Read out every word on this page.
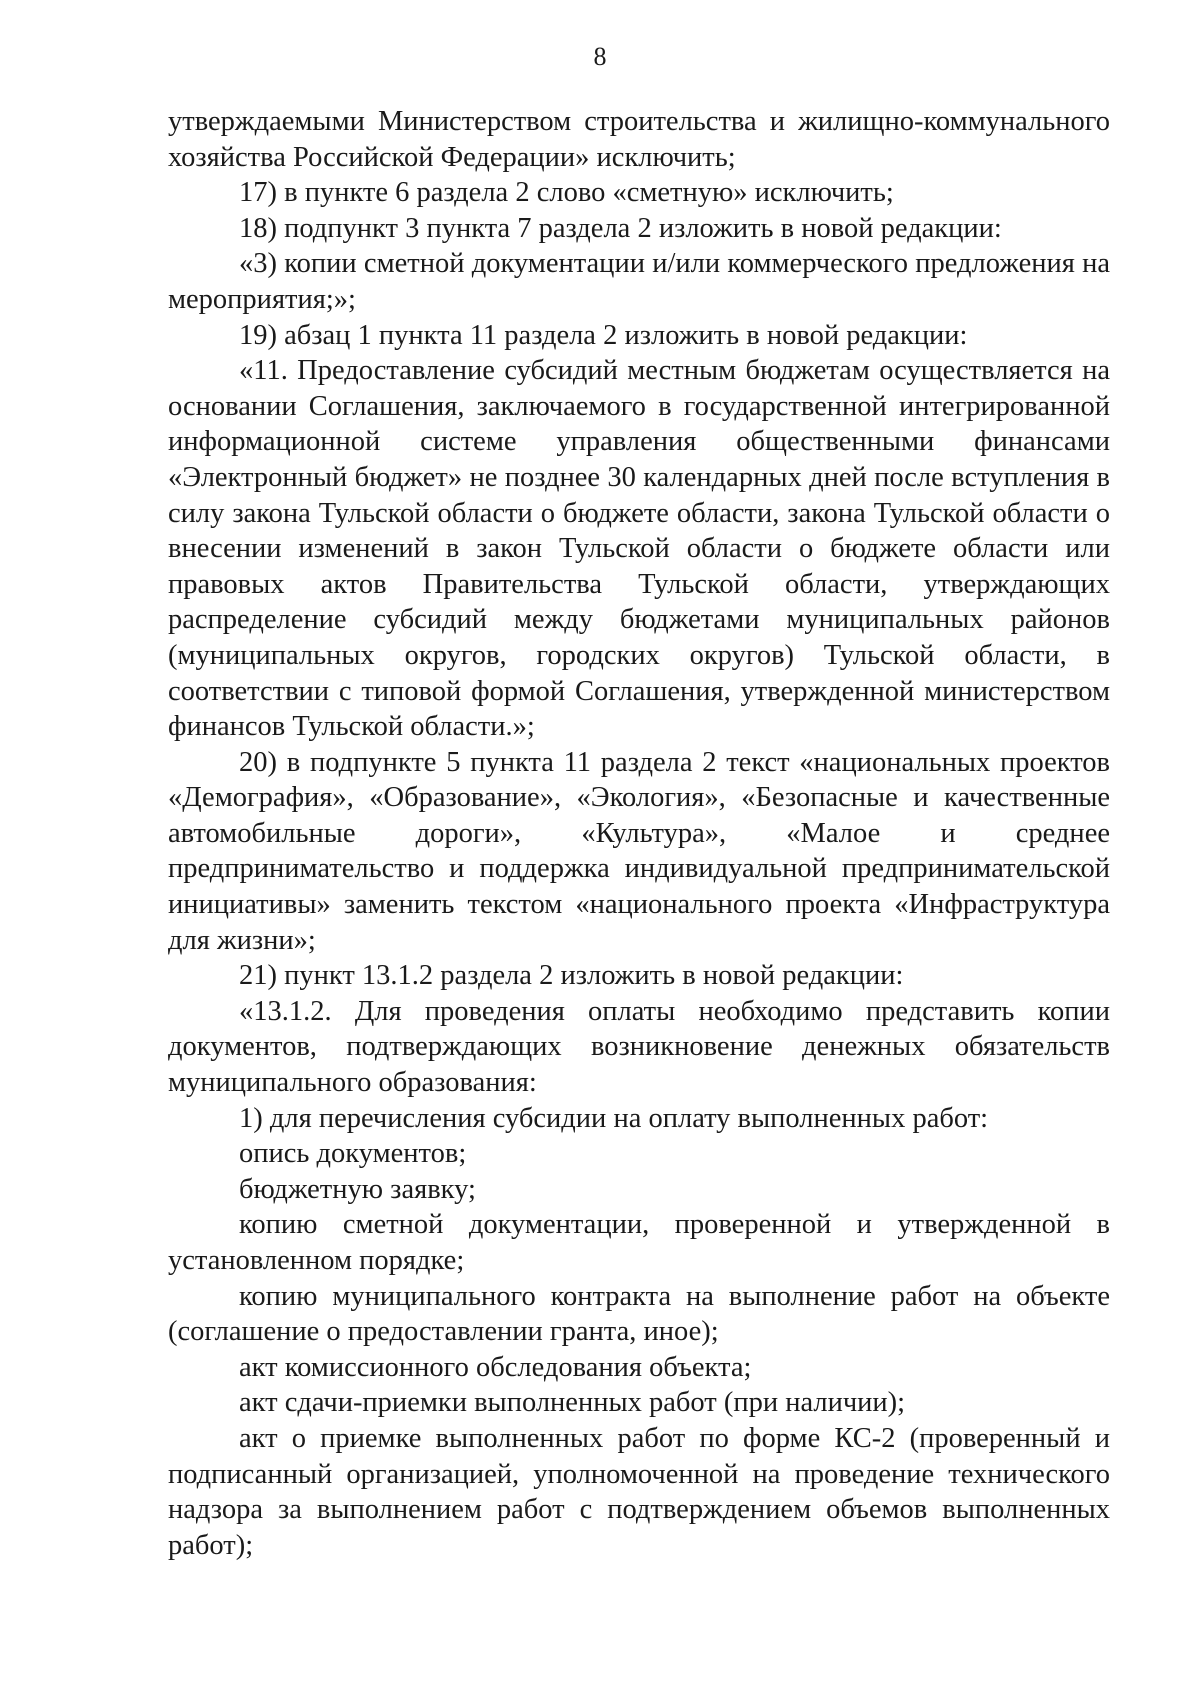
8

утверждаемыми Министерством строительства и жилищно-коммунального хозяйства Российской Федерации» исключить;

17) в пункте 6 раздела 2 слово «сметную» исключить;

18) подпункт 3 пункта 7 раздела 2 изложить в новой редакции:

«3) копии сметной документации и/или коммерческого предложения на мероприятия;»;

19) абзац 1 пункта 11 раздела 2 изложить в новой редакции:

«11. Предоставление субсидий местным бюджетам осуществляется на основании Соглашения, заключаемого в государственной интегрированной информационной системе управления общественными финансами «Электронный бюджет» не позднее 30 календарных дней после вступления в силу закона Тульской области о бюджете области, закона Тульской области о внесении изменений в закон Тульской области о бюджете области или правовых актов Правительства Тульской области, утверждающих распределение субсидий между бюджетами муниципальных районов (муниципальных округов, городских округов) Тульской области, в соответствии с типовой формой Соглашения, утвержденной министерством финансов Тульской области.»;

20) в подпункте 5 пункта 11 раздела 2 текст «национальных проектов «Демография», «Образование», «Экология», «Безопасные и качественные автомобильные дороги», «Культура», «Малое и среднее предпринимательство и поддержка индивидуальной предпринимательской инициативы» заменить текстом «национального проекта «Инфраструктура для жизни»;

21) пункт 13.1.2 раздела 2 изложить в новой редакции:

«13.1.2. Для проведения оплаты необходимо представить копии документов, подтверждающих возникновение денежных обязательств муниципального образования:

1) для перечисления субсидии на оплату выполненных работ:

опись документов;

бюджетную заявку;

копию сметной документации, проверенной и утвержденной в установленном порядке;

копию муниципального контракта на выполнение работ на объекте (соглашение о предоставлении гранта, иное);

акт комиссионного обследования объекта;

акт сдачи-приемки выполненных работ (при наличии);

акт о приемке выполненных работ по форме КС-2 (проверенный и подписанный организацией, уполномоченной на проведение технического надзора за выполнением работ с подтверждением объемов выполненных работ);
